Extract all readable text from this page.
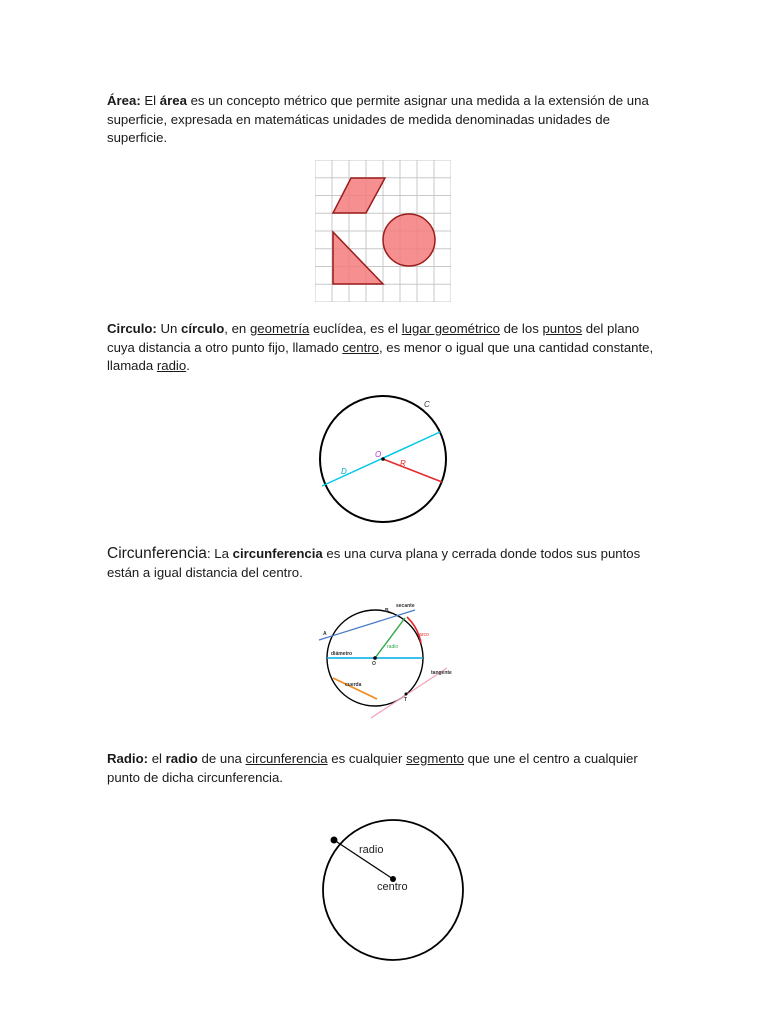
Área: El área es un concepto métrico que permite asignar una medida a la extensión de una superficie, expresada en matemáticas unidades de medida denominadas unidades de superficie.
Circulo: Un círculo, en geometría euclídea, es el lugar geométrico de los puntos del plano cuya distancia a otro punto fijo, llamado centro, es menor o igual que una cantidad constante, llamada radio.
C
O
D
R
Circunferencia: La circunferencia es una curva plana y cerrada donde todos sus puntos están a igual distancia del centro.
secante
arco
radio
diámetro
tangente
cuerda
O
A
B
T
Radio: el radio de una circunferencia es cualquier segmento que une el centro a cualquier punto de dicha circunferencia.
radio
centro
